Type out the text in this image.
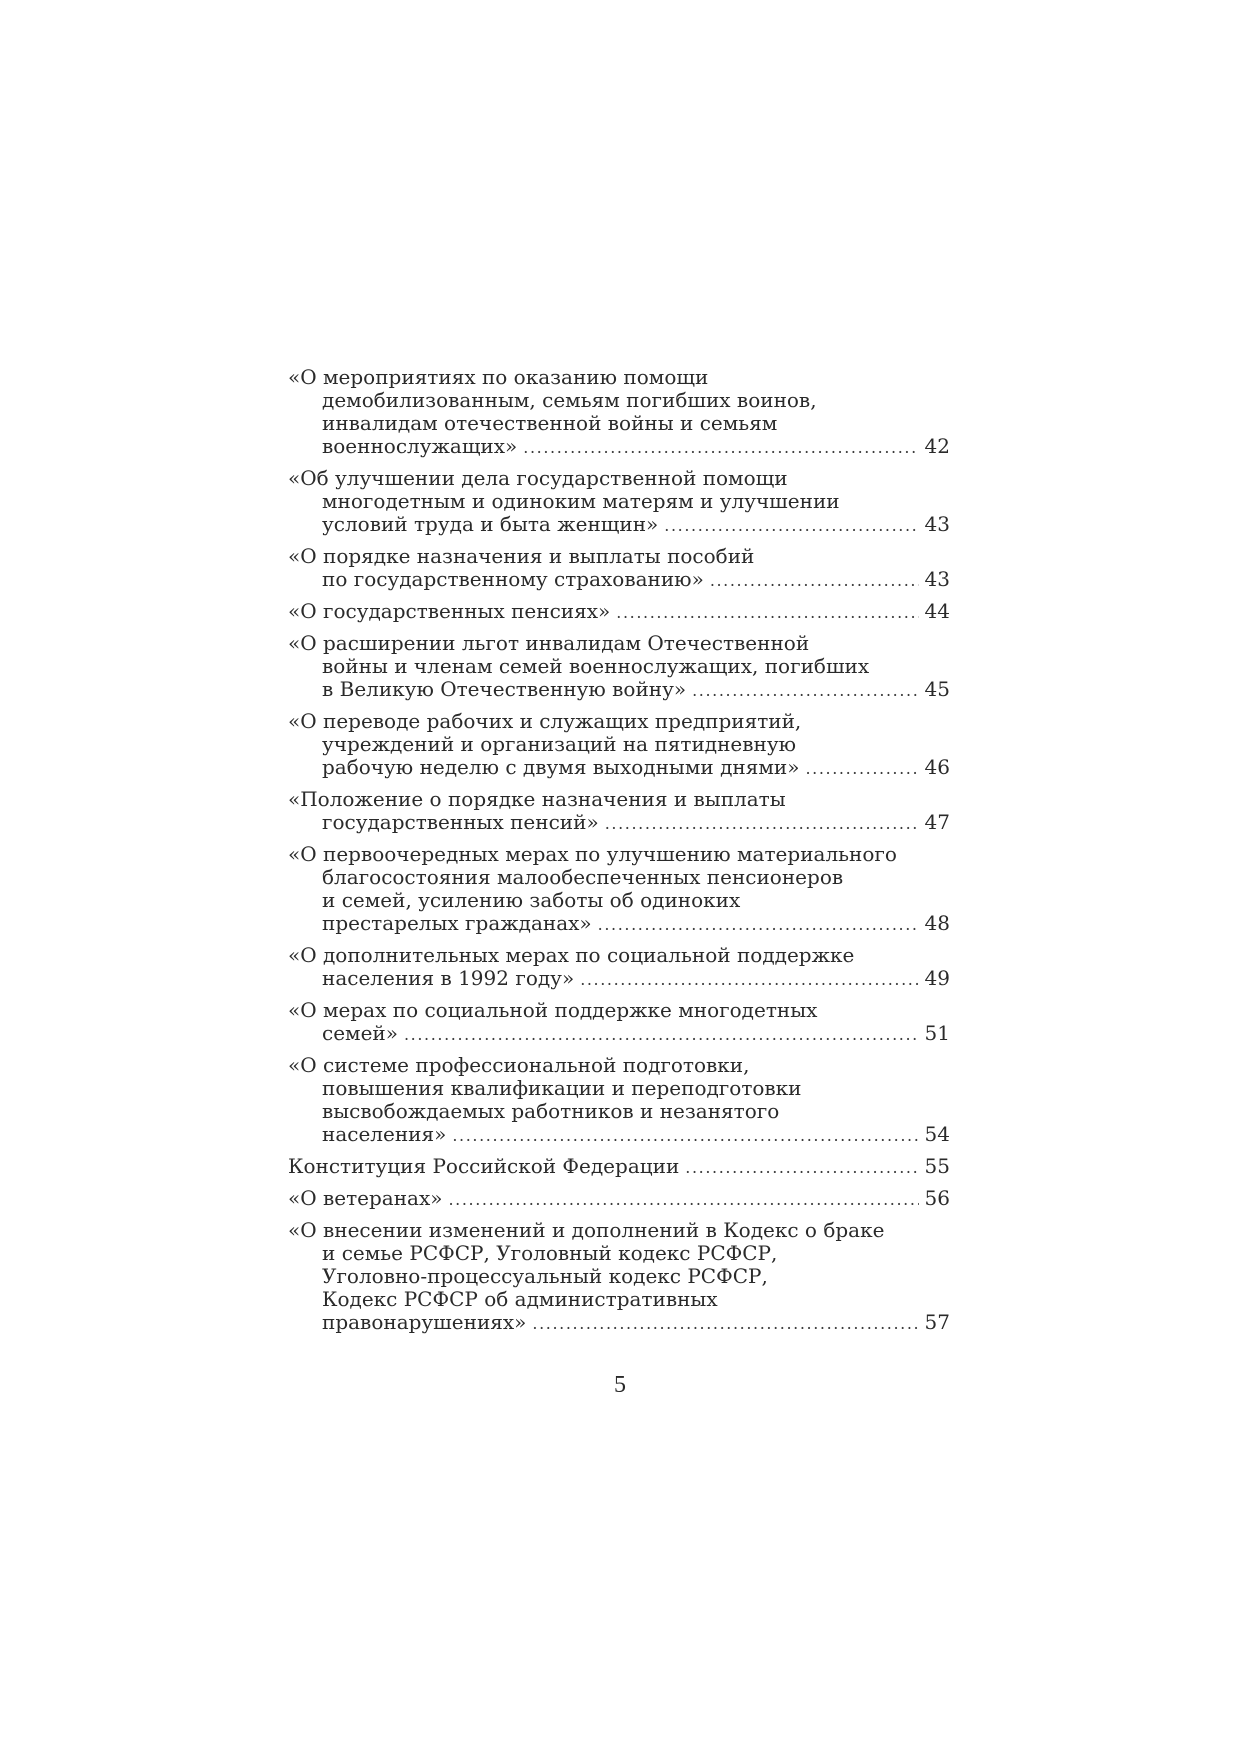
«О мероприятиях по оказанию помощи
демобилизованным, семьям погибших воинов,
инвалидам отечественной войны и семьям
военнослужащих» .....	42
«Об улучшении дела государственной помощи
многодетным и одиноким матерям и улучшении
условий труда и быта женщин» .....	43
«О порядке назначения и выплаты пособий
по государственному страхованию» .....	43
«О государственных пенсиях» .....	44
«О расширении льгот инвалидам Отечественной
войны и членам семей военнослужащих, погибших
в Великую Отечественную войну» .....	45
«О переводе рабочих и служащих предприятий,
учреждений и организаций на пятидневную
рабочую неделю с двумя выходными днями» .....	46
«Положение о порядке назначения и выплаты
государственных пенсий» .....	47
«О первоочередных мерах по улучшению материального
благосостояния малообеспеченных пенсионеров
и семей, усилению заботы об одиноких
престарелых гражданах» .....	48
«О дополнительных мерах по социальной поддержке
населения в 1992 году» .....	49
«О мерах по социальной поддержке многодетных
семей» .....	51
«О системе профессиональной подготовки,
повышения квалификации и переподготовки
высвобождаемых работников и незанятого
населения» .....	54
Конституция Российской Федерации .....	55
«О ветеранах» .....	56
«О внесении изменений и дополнений в Кодекс о браке
и семье РСФСР, Уголовный кодекс РСФСР,
Уголовно-процессуальный кодекс РСФСР,
Кодекс РСФСР об административных
правонарушениях» .....	57
5
